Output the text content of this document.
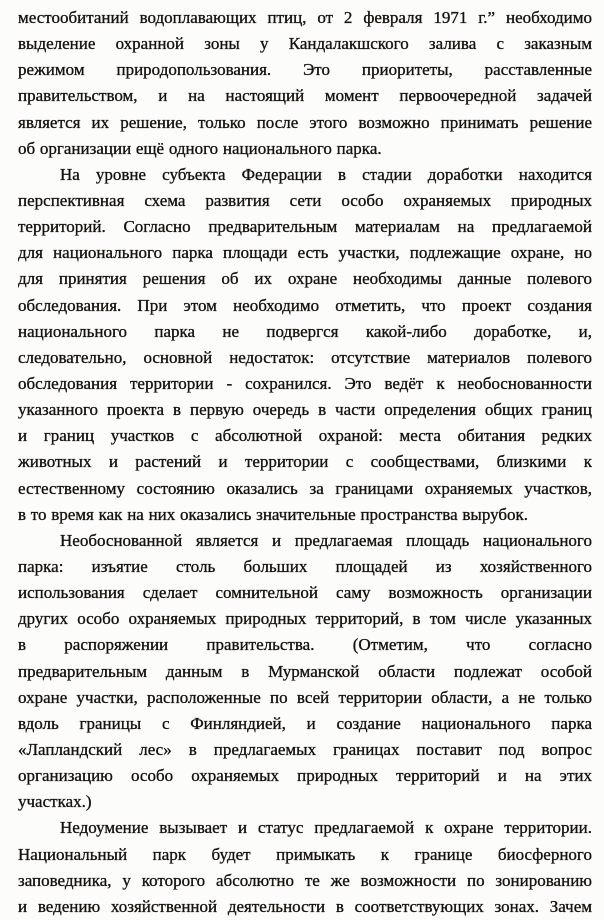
местообитаний водоплавающих птиц, от 2 февраля 1971 г.” необходимо
выделение охранной зоны у Кандалакшского залива с заказным
режимом природопользования. Это приоритеты, расставленные
правительством, и на настоящий момент первоочередной задачей
является их решение, только после этого возможно принимать решение
об организации ещё одного национального парка.
На уровне субъекта Федерации в стадии доработки находится
перспективная схема развития сети особо охраняемых природных
территорий. Согласно предварительным материалам на предлагаемой
для национального парка площади есть участки, подлежащие охране, но
для принятия решения об их охране необходимы данные полевого
обследования. При этом необходимо отметить, что проект создания
национального парка не подвергся какой-либо доработке, и,
следовательно, основной недостаток: отсутствие материалов полевого
обследования территории - сохранился. Это ведёт к необоснованности
указанного проекта в первую очередь в части определения общих границ
и границ участков с абсолютной охраной: места обитания редких
животных и растений и территории с сообществами, близкими к
естественному состоянию оказались за границами охраняемых участков,
в то время как на них оказались значительные пространства вырубок.
Необоснованной является и предлагаемая площадь национального
парка: изъятие столь больших площадей из хозяйственного
использования сделает сомнительной саму возможность организации
других особо охраняемых природных территорий, в том числе указанных
в распоряжении правительства. (Отметим, что согласно
предварительным данным в Мурманской области подлежат особой
охране участки, расположенные по всей территории области, а не только
вдоль границы с Финляндией, и создание национального парка
«Лапландский лес» в предлагаемых границах поставит под вопрос
организацию особо охраняемых природных территорий и на этих
участках.)
Недоумение вызывает и статус предлагаемой к охране территории.
Национальный парк будет примыкать к границе биосферного
заповедника, у которого абсолютно те же возможности по зонированию
и ведению хозяйственной деятельности в соответствующих зонах. Зачем
